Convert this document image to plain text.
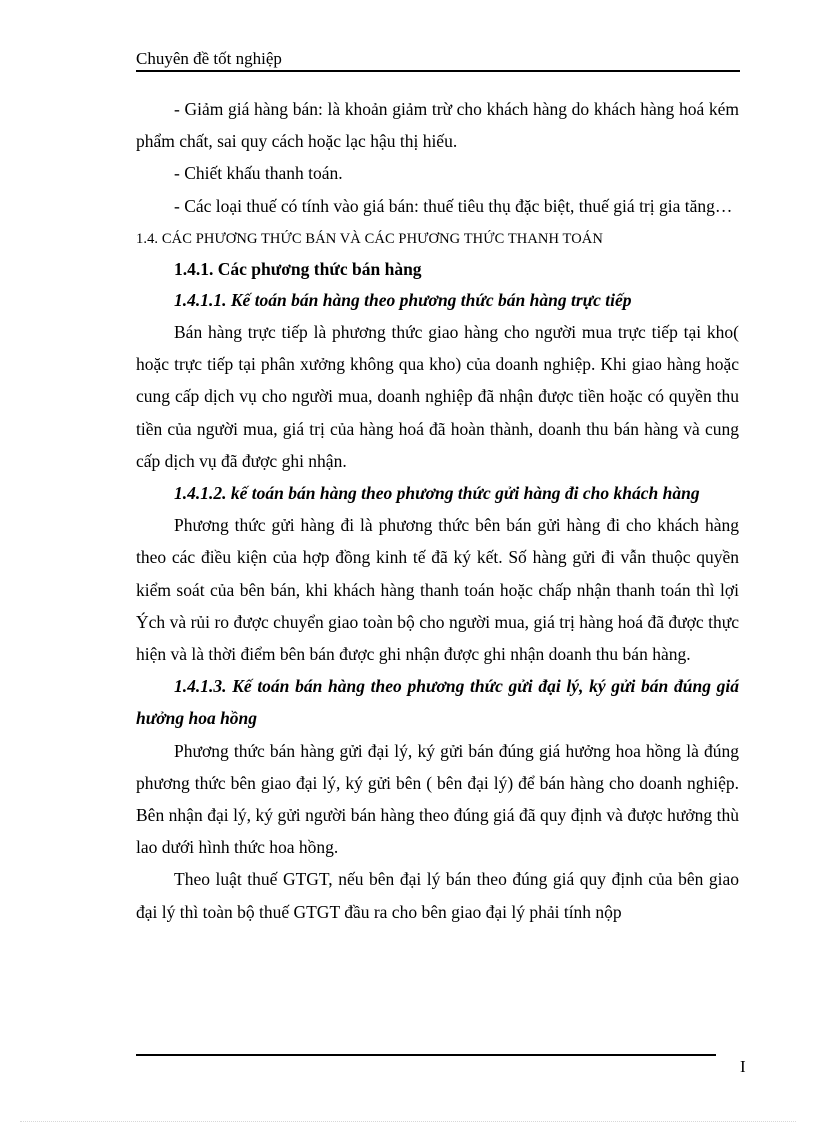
Chuyên đề tốt nghiệp

- Giảm giá hàng bán: là khoản giảm trừ cho khách hàng do khách hàng hoá kém phẩm chất, sai quy cách hoặc lạc hậu thị hiếu.

- Chiết khấu thanh toán.

- Các loại thuế có tính vào giá bán: thuế tiêu thụ đặc biệt, thuế giá trị gia tăng…

1.4. CÁC PHƯƠNG THỨC BÁN VÀ CÁC PHƯƠNG THỨC THANH TOÁN
1.4.1. Các phương thức bán hàng

1.4.1.1. Kế toán bán hàng theo phương thức bán hàng trực tiếp

Bán hàng trực tiếp là phương thức giao hàng cho người mua trực tiếp tại kho( hoặc trực tiếp tại phân xưởng không qua kho) của doanh nghiệp. Khi giao hàng hoặc cung cấp dịch vụ cho người mua, doanh nghiệp đã nhận được tiền hoặc có quyền thu tiền của người mua, giá trị của hàng hoá đã hoàn thành, doanh thu bán hàng và cung cấp dịch vụ đã được ghi nhận.

1.4.1.2. kế toán bán hàng theo phương thức gửi hàng đi cho khách hàng

Phương thức gửi hàng đi là phương thức bên bán gửi hàng đi cho khách hàng theo các điều kiện của hợp đồng kinh tế đã ký kết. Số hàng gửi đi vẫn thuộc quyền kiểm soát của bên bán, khi khách hàng thanh toán hoặc chấp nhận thanh toán thì lợi Ých và rủi ro được chuyển giao toàn bộ cho người mua, giá trị hàng hoá đã được thực hiện và là thời điểm bên bán được ghi nhận được ghi nhận doanh thu bán hàng.

1.4.1.3. Kế toán bán hàng theo phương thức gửi đại lý, ký gửi bán đúng giá hưởng hoa hồng

Phương thức bán hàng gửi đại lý, ký gửi bán đúng giá hưởng hoa hồng là đúng phương thức bên giao đại lý, ký gửi bên ( bên đại lý) để bán hàng cho doanh nghiệp. Bên nhận đại lý, ký gửi người bán hàng theo đúng giá đã quy định và được hưởng thù lao dưới hình thức hoa hồng.

Theo luật thuế GTGT, nếu bên đại lý bán theo đúng giá quy định của bên giao đại lý thì toàn bộ thuế GTGT đầu ra cho bên giao đại lý phải tính nộp

I
